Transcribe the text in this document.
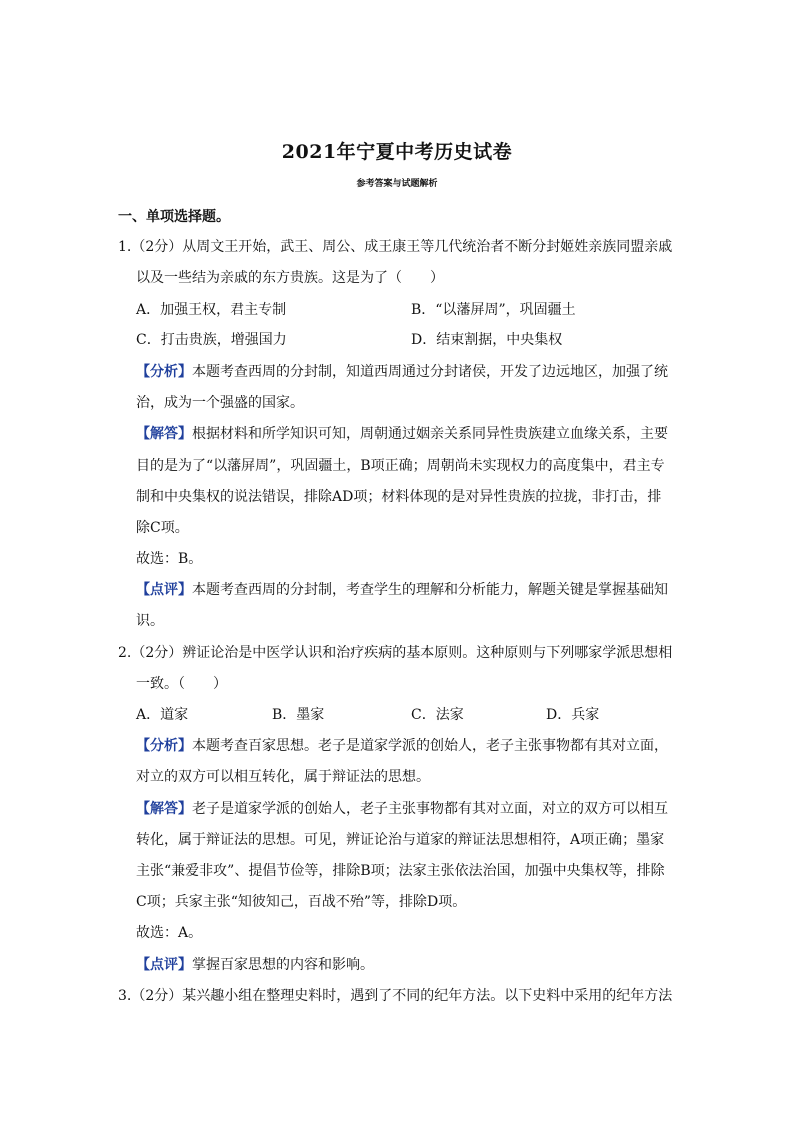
2021年宁夏中考历史试卷
参考答案与试题解析
一、单项选择题。
1.（2分）从周文王开始，武王、周公、成王康王等几代统治者不断分封姬姓亲族同盟亲戚
以及一些结为亲戚的东方贵族。这是为了（　　）
A．加强王权，君主专制	B．“以藩屏周”，巩固疆土
C．打击贵族，增强国力	D．结束割据，中央集权
【分析】本题考查西周的分封制，知道西周通过分封诸侯，开发了边远地区，加强了统
治，成为一个强盛的国家。
【解答】根据材料和所学知识可知，周朝通过姻亲关系同异性贵族建立血缘关系，主要
目的是为了“以藩屏周”，巩固疆土，B项正确；周朝尚未实现权力的高度集中，君主专
制和中央集权的说法错误，排除AD项；材料体现的是对异性贵族的拉拢，非打击，排
除C项。
故选：B。
【点评】本题考查西周的分封制，考查学生的理解和分析能力，解题关键是掌握基础知
识。
2.（2分）辨证论治是中医学认识和治疗疾病的基本原则。这种原则与下列哪家学派思想相
一致。（　　）
A．道家	B．墨家	C．法家	D．兵家
【分析】本题考查百家思想。老子是道家学派的创始人，老子主张事物都有其对立面，
对立的双方可以相互转化，属于辩证法的思想。
【解答】老子是道家学派的创始人，老子主张事物都有其对立面，对立的双方可以相互
转化，属于辩证法的思想。可见，辨证论治与道家的辩证法思想相符，A项正确；墨家
主张“兼爱非攻”、提倡节俭等，排除B项；法家主张依法治国，加强中央集权等，排除
C项；兵家主张“知彼知己，百战不殆”等，排除D项。
故选：A。
【点评】掌握百家思想的内容和影响。
3.（2分）某兴趣小组在整理史料时，遇到了不同的纪年方法。以下史料中采用的纪年方法
